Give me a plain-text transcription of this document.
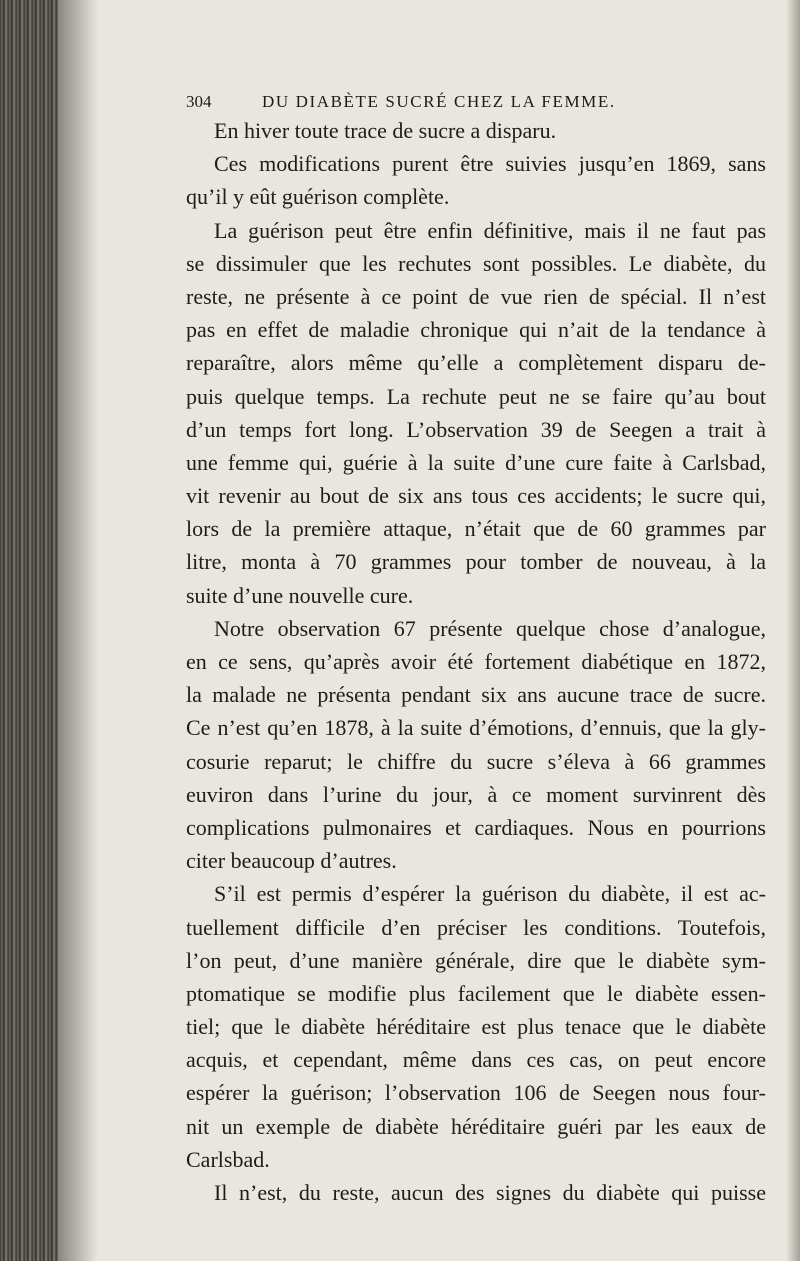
304	DU DIABÈTE SUCRÉ CHEZ LA FEMME.
En hiver toute trace de sucre a disparu.
Ces modifications purent être suivies jusqu’en 1869, sans
qu’il y eût guérison complète.
La guérison peut être enfin définitive, mais il ne faut pas
se dissimuler que les rechutes sont possibles. Le diabète, du
reste, ne présente à ce point de vue rien de spécial. Il n’est
pas en effet de maladie chronique qui n’ait de la tendance à
reparaître, alors même qu’elle a complètement disparu de-
puis quelque temps. La rechute peut ne se faire qu’au bout
d’un temps fort long. L’observation 39 de Seegen a trait à
une femme qui, guérie à la suite d’une cure faite à Carlsbad,
vit revenir au bout de six ans tous ces accidents; le sucre qui,
lors de la première attaque, n’était que de 60 grammes par
litre, monta à 70 grammes pour tomber de nouveau, à la
suite d’une nouvelle cure.
Notre observation 67 présente quelque chose d’analogue,
en ce sens, qu’après avoir été fortement diabétique en 1872,
la malade ne présenta pendant six ans aucune trace de sucre.
Ce n’est qu’en 1878, à la suite d’émotions, d’ennuis, que la gly-
cosurie reparut; le chiffre du sucre s’éleva à 66 grammes
euviron dans l’urine du jour, à ce moment survinrent dès
complications pulmonaires et cardiaques. Nous en pourrions
citer beaucoup d’autres.
S’il est permis d’espérer la guérison du diabète, il est ac-
tuellement difficile d’en préciser les conditions. Toutefois,
l’on peut, d’une manière générale, dire que le diabète sym-
ptomatique se modifie plus facilement que le diabète essen-
tiel; que le diabète héréditaire est plus tenace que le diabète
acquis, et cependant, même dans ces cas, on peut encore
espérer la guérison; l’observation 106 de Seegen nous four-
nit un exemple de diabète héréditaire guéri par les eaux de
Carlsbad.
Il n’est, du reste, aucun des signes du diabète qui puisse
